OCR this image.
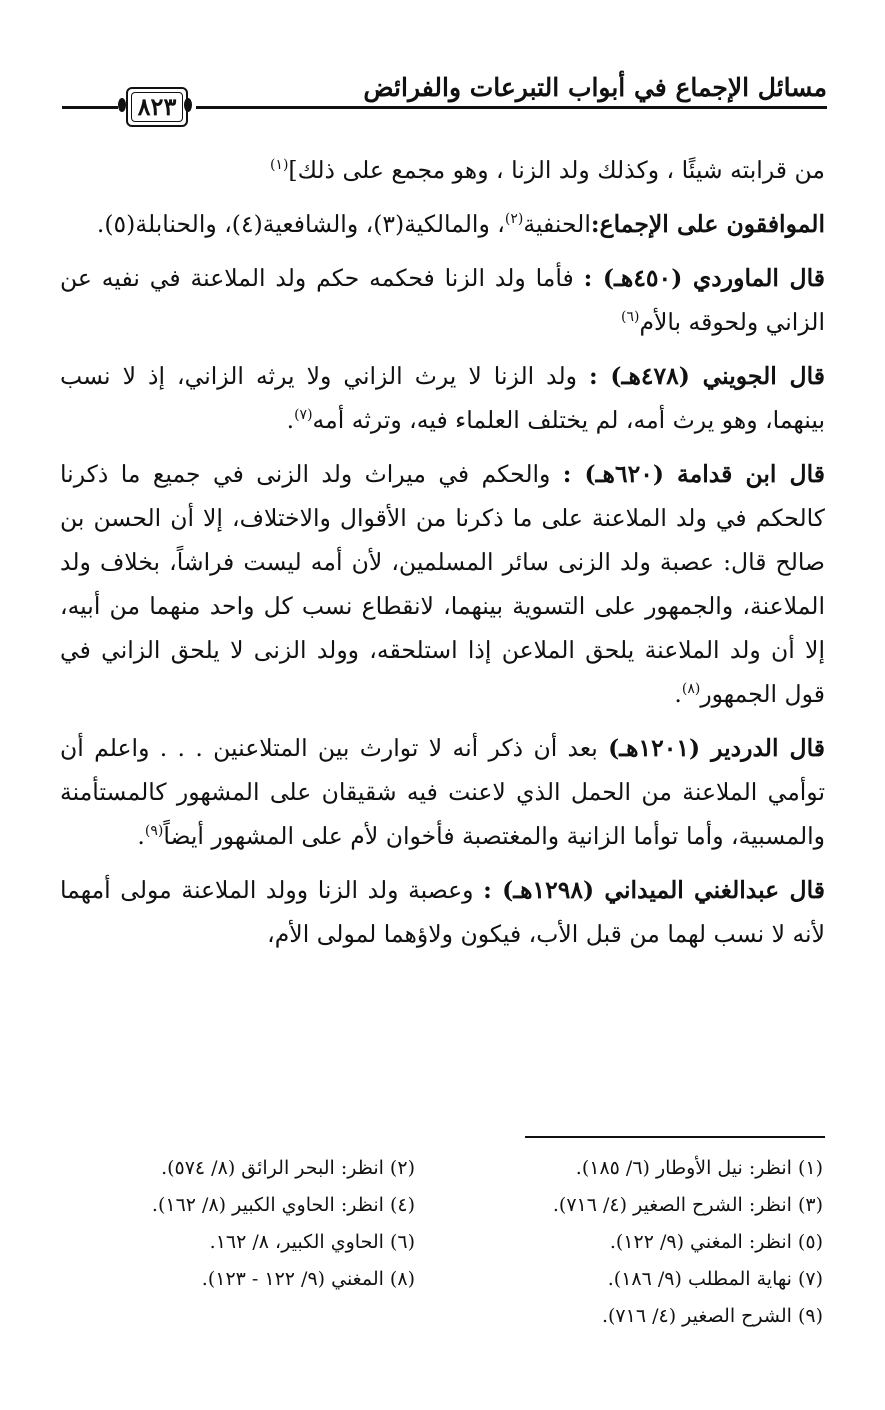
مسائل الإجماع في أبواب التبرعات والفرائض
٨٢٣

من قرابته شيئًا ، وكذلك ولد الزنا ، وهو مجمع على ذلك]$^{(١)}$

الموافقون على الإجماع:الحنفية$^{(٢)}$، والمالكية(٣)، والشافعية(٤)، والحنابلة(٥).

قال الماوردي (٤٥٠هـ) : فأما ولد الزنا فحكمه حكم ولد الملاعنة في نفيه عن الزاني ولحوقه بالأم$^{(٦)}$

قال الجويني (٤٧٨هـ) : ولد الزنا لا يرث الزاني ولا يرثه الزاني، إذ لا نسب بينهما، وهو يرث أمه، لم يختلف العلماء فيه، وترثه أمه$^{(٧)}$.

قال ابن قدامة (٦٢٠هـ) : والحكم في ميراث ولد الزنى في جميع ما ذكرنا كالحكم في ولد الملاعنة على ما ذكرنا من الأقوال والاختلاف، إلا أن الحسن بن صالح قال: عصبة ولد الزنى سائر المسلمين، لأن أمه ليست فراشاً، بخلاف ولد الملاعنة، والجمهور على التسوية بينهما، لانقطاع نسب كل واحد منهما من أبيه، إلا أن ولد الملاعنة يلحق الملاعن إذا استلحقه، وولد الزنى لا يلحق الزاني في قول الجمهور$^{(٨)}$.

قال الدردير (١٢٠١هـ) بعد أن ذكر أنه لا توارث بين المتلاعنين . . . واعلم أن توأمي الملاعنة من الحمل الذي لاعنت فيه شقيقان على المشهور كالمستأمنة والمسبية، وأما توأما الزانية والمغتصبة فأخوان لأم على المشهور أيضاً$^{(٩)}$.

قال عبدالغني الميداني (١٢٩٨هـ) : وعصبة ولد الزنا وولد الملاعنة مولى أمهما لأنه لا نسب لهما من قبل الأب، فيكون ولاؤهما لمولى الأم،

(١) انظر: نيل الأوطار (٦/ ١٨٥).
(٣) انظر: الشرح الصغير (٤/ ٧١٦).
(٥) انظر: المغني (٩/ ١٢٢).
(٧) نهاية المطلب (٩/ ١٨٦).
(٩) الشرح الصغير (٤/ ٧١٦).
(٢) انظر: البحر الرائق (٨/ ٥٧٤).
(٤) انظر: الحاوي الكبير (٨/ ١٦٢).
(٦) الحاوي الكبير، ٨/ ١٦٢.
(٨) المغني (٩/ ١٢٢ - ١٢٣).
